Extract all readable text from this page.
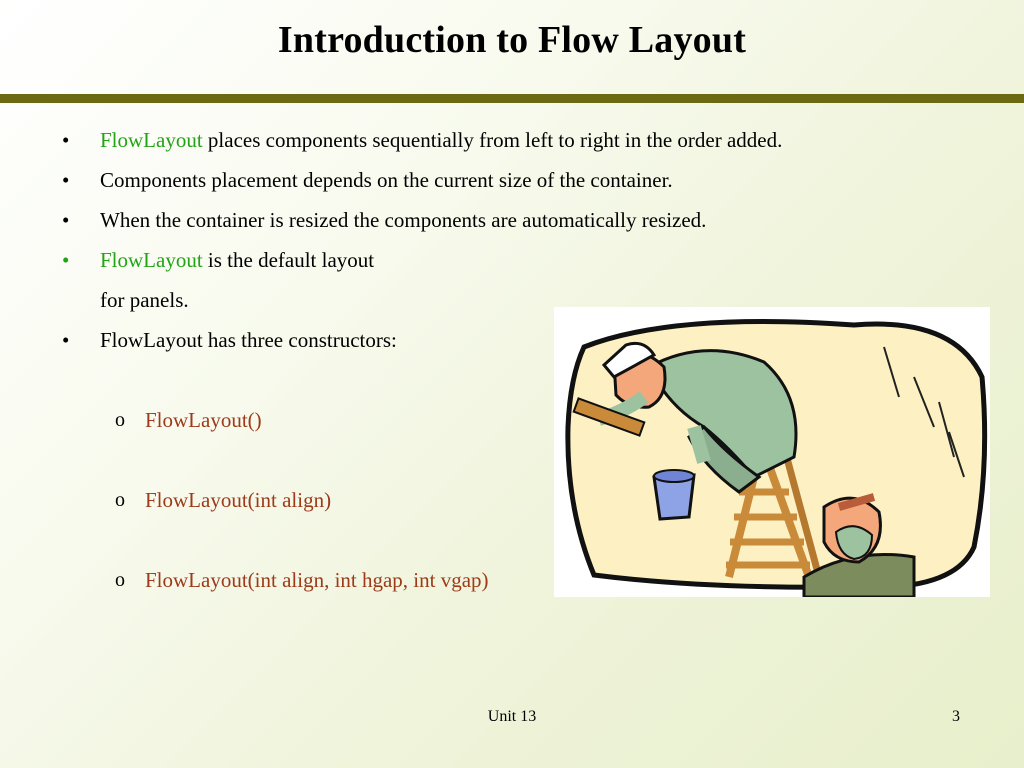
Introduction to Flow Layout
• FlowLayout places components sequentially from left to right in the order added.
• Components placement depends on the current size of the container.
• When the container is resized the components are automatically resized.
• FlowLayout is the default layout
for panels.
• FlowLayout has three constructors:
o FlowLayout()
o FlowLayout(int align)
o FlowLayout(int align, int hgap, int vgap)
Unit 13	3
